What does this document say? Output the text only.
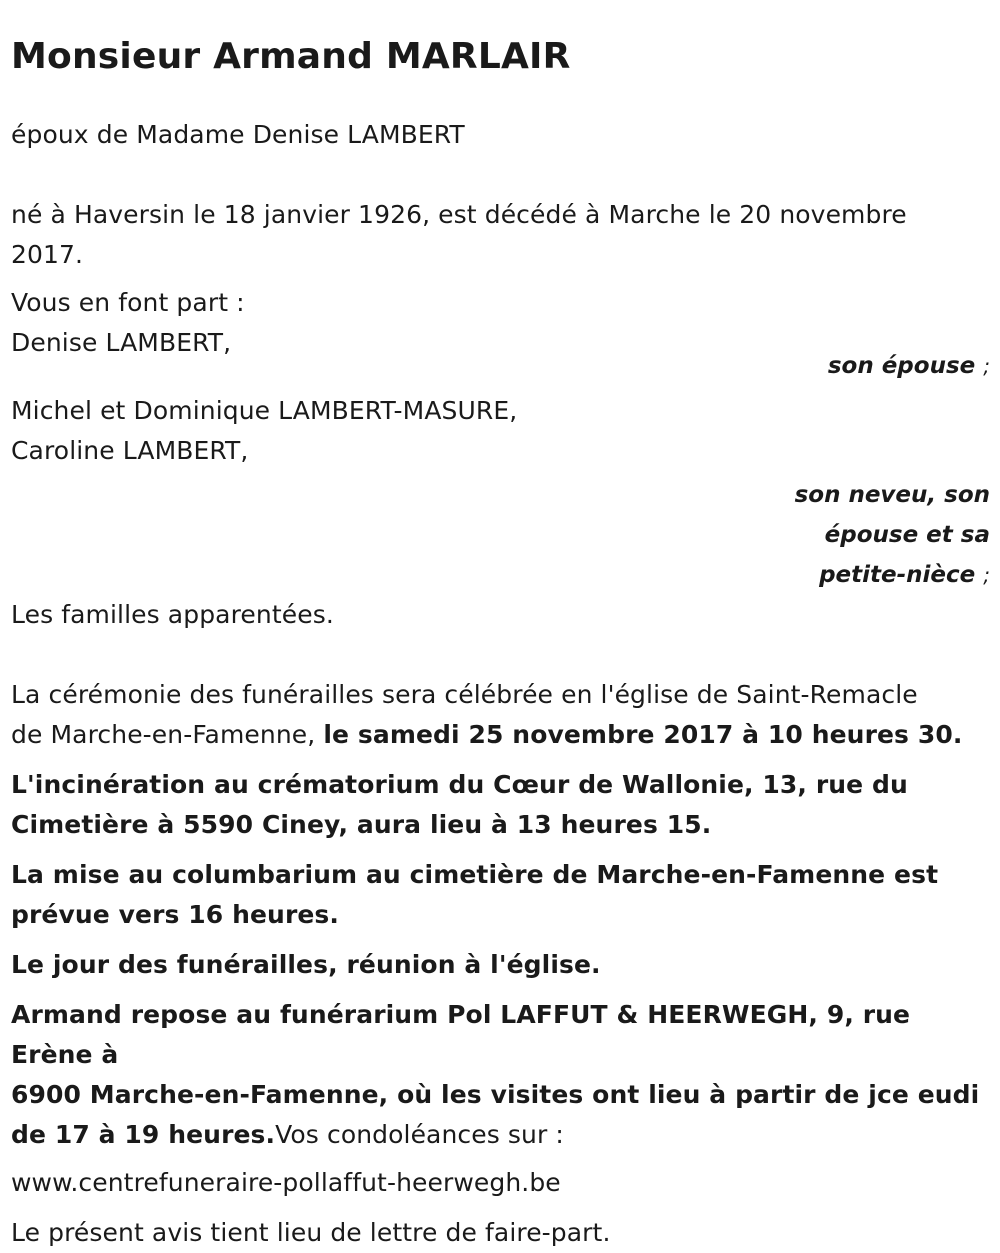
Monsieur Armand MARLAIR

époux de Madame Denise LAMBERT

né à Haversin le 18 janvier 1926, est décédé à Marche le 20 novembre

2017.

Vous en font part :

Denise LAMBERT,

son épouse ;

Michel et Dominique LAMBERT-MASURE,

Caroline LAMBERT,

son neveu, son

épouse et sa

petite-nièce ;

Les familles apparentées.

La cérémonie des funérailles sera célébrée en l'église de Saint-Remacle

de Marche-en-Famenne, le samedi 25 novembre 2017 à 10 heures 30.

L'incinération au crématorium du Cœur de Wallonie, 13, rue du

Cimetière à 5590 Ciney, aura lieu à 13 heures 15.

La mise au columbarium au cimetière de Marche-en-Famenne est

prévue vers 16 heures.

Le jour des funérailles, réunion à l'église.

Armand repose au funérarium Pol LAFFUT & HEERWEGH, 9, rue Erène à

6900 Marche-en-Famenne, où les visites ont lieu à partir de jce eudi

de 17 à 19 heures.Vos condoléances sur :

www.centrefuneraire-pollaffut-heerwegh.be

Le présent avis tient lieu de lettre de faire-part.
